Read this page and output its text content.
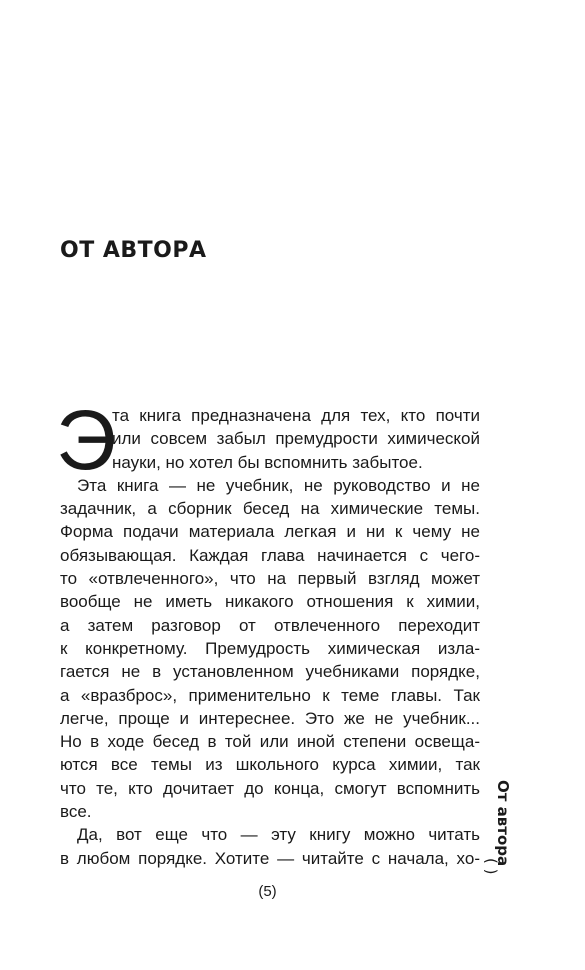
ОТ АВТОРА
Э
та книга предназначена для тех, кто почти
или совсем забыл премудрости химической
науки, но хотел бы вспомнить забытое.
Эта книга — не учебник, не руководство и не
задачник, а сборник бесед на химические темы.
Форма подачи материала легкая и ни к чему не
обязывающая. Каждая глава начинается с чего-
то «отвлеченного», что на первый взгляд может
вообще не иметь никакого отношения к химии,
а затем разговор от отвлеченного переходит
к конкретному. Премудрость химическая изла-
гается не в установленном учебниками порядке,
а «вразброс», применительно к теме главы. Так
легче, проще и интереснее. Это же не учебник...
Но в ходе бесед в той или иной степени освеща-
ются все темы из школьного курса химии, так
что те, кто дочитает до конца, смогут вспомнить
все.
Да, вот еще что — эту книгу можно читать
в любом порядке. Хотите — читайте с начала, хо- От автора
( )
(5)
